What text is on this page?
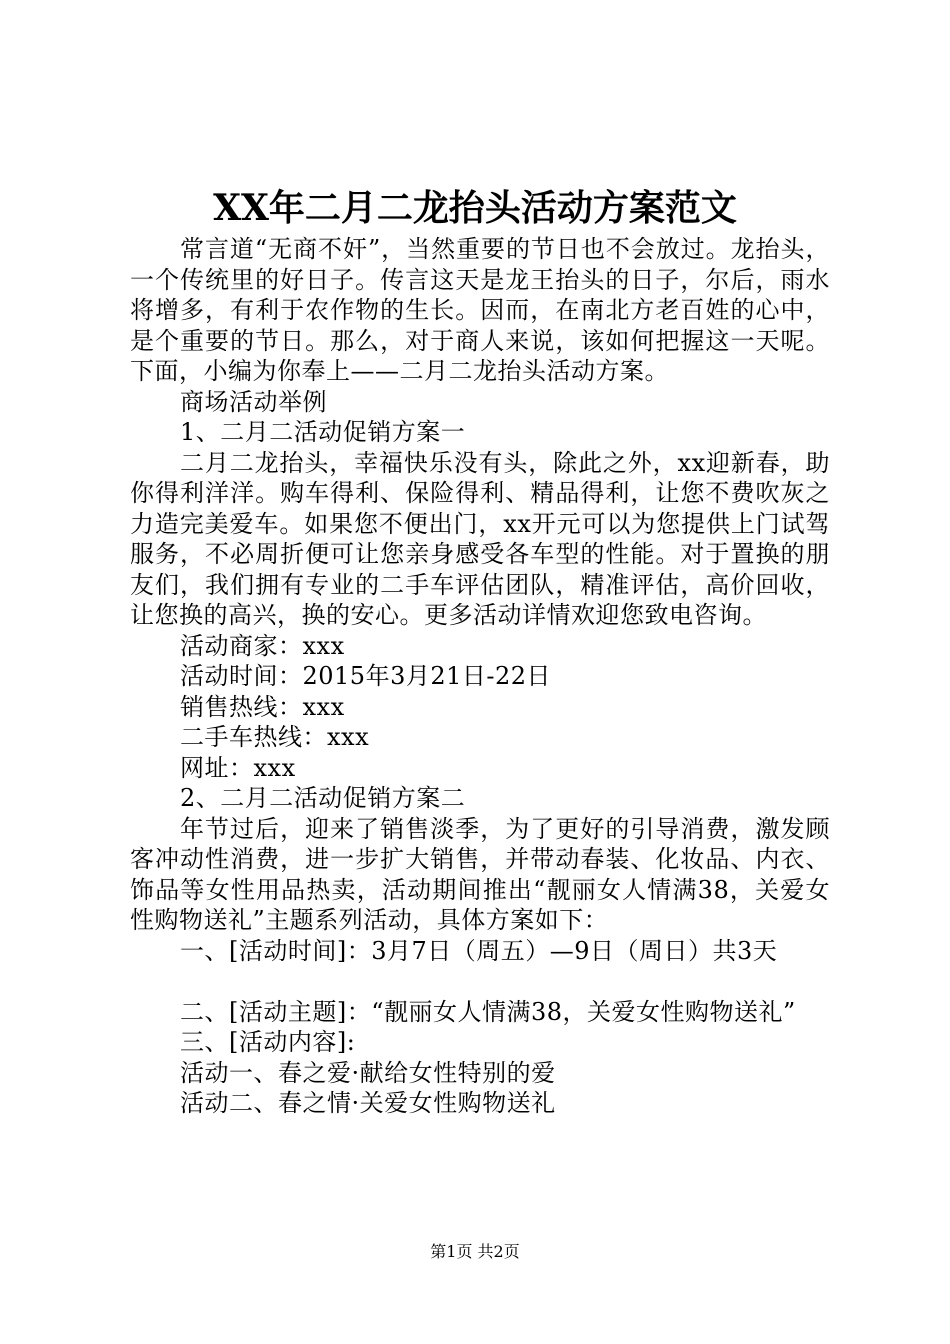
XX年二月二龙抬头活动方案范文

常言道“无商不奸”，当然重要的节日也不会放过。龙抬头，一个传统里的好日子。传言这天是龙王抬头的日子，尔后，雨水将增多，有利于农作物的生长。因而，在南北方老百姓的心中，是个重要的节日。那么，对于商人来说，该如何把握这一天呢。下面，小编为你奉上——二月二龙抬头活动方案。

商场活动举例

1、二月二活动促销方案一

二月二龙抬头，幸福快乐没有头，除此之外，xx迎新春，助你得利洋洋。购车得利、保险得利、精品得利，让您不费吹灰之力造完美爱车。如果您不便出门，xx开元可以为您提供上门试驾服务，不必周折便可让您亲身感受各车型的性能。对于置换的朋友们，我们拥有专业的二手车评估团队，精准评估，高价回收，让您换的高兴，换的安心。更多活动详情欢迎您致电咨询。

活动商家：xxx

活动时间：2015年3月21日-22日

销售热线：xxx

二手车热线：xxx

网址：xxx

2、二月二活动促销方案二

年节过后，迎来了销售淡季，为了更好的引导消费，激发顾客冲动性消费，进一步扩大销售，并带动春装、化妆品、内衣、饰品等女性用品热卖，活动期间推出“靓丽女人情满38，关爱女性购物送礼”主题系列活动，具体方案如下：

一、[活动时间]：3月7日（周五）—9日（周日）共3天

二、[活动主题]：“靓丽女人情满38，关爱女性购物送礼”

三、[活动内容]:

活动一、春之爱·献给女性特别的爱

活动二、春之情·关爱女性购物送礼

第1页 共2页
